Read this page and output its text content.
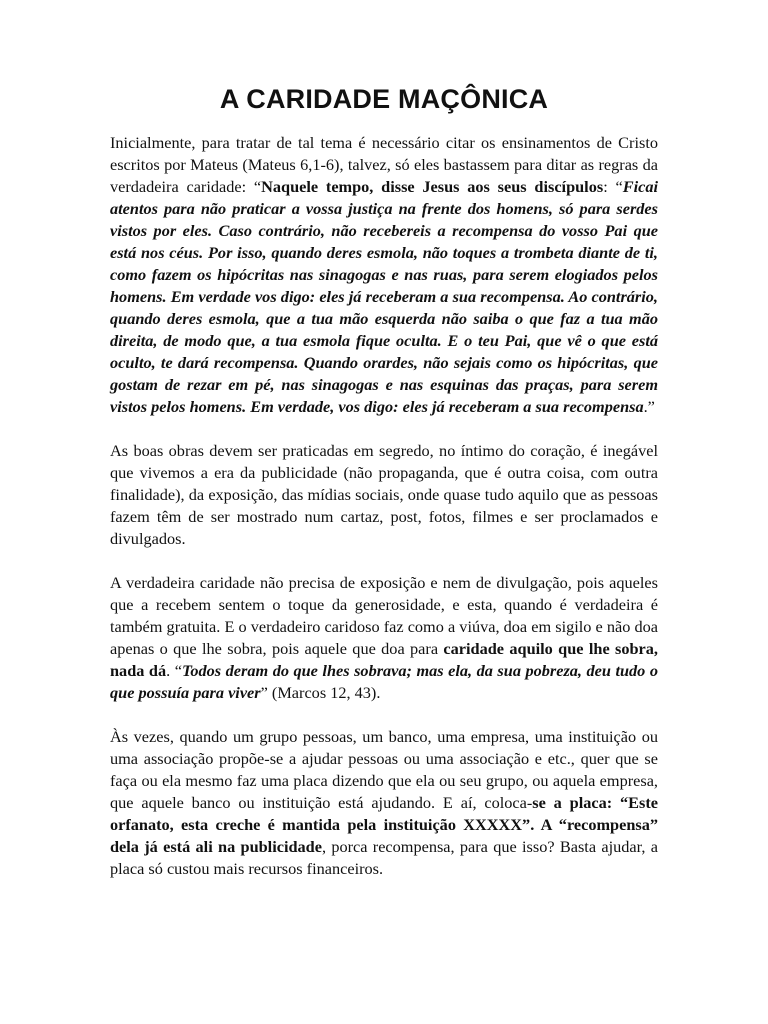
A CARIDADE MAÇÔNICA

Inicialmente, para tratar de tal tema é necessário citar os ensinamentos de Cristo escritos por Mateus (Mateus 6,1-6), talvez, só eles bastassem para ditar as regras da verdadeira caridade: “Naquele tempo, disse Jesus aos seus discípulos: “Ficai atentos para não praticar a vossa justiça na frente dos homens, só para serdes vistos por eles. Caso contrário, não recebereis a recompensa do vosso Pai que está nos céus. Por isso, quando deres esmola, não toques a trombeta diante de ti, como fazem os hipócritas nas sinagogas e nas ruas, para serem elogiados pelos homens. Em verdade vos digo: eles já receberam a sua recompensa. Ao contrário, quando deres esmola, que a tua mão esquerda não saiba o que faz a tua mão direita, de modo que, a tua esmola fique oculta. E o teu Pai, que vê o que está oculto, te dará recompensa. Quando orardes, não sejais como os hipócritas, que gostam de rezar em pé, nas sinagogas e nas esquinas das praças, para serem vistos pelos homens. Em verdade, vos digo: eles já receberam a sua recompensa.”

As boas obras devem ser praticadas em segredo, no íntimo do coração, é inegável que vivemos a era da publicidade (não propaganda, que é outra coisa, com outra finalidade), da exposição, das mídias sociais, onde quase tudo aquilo que as pessoas fazem têm de ser mostrado num cartaz, post, fotos, filmes e ser proclamados e divulgados.

A verdadeira caridade não precisa de exposição e nem de divulgação, pois aqueles que a recebem sentem o toque da generosidade, e esta, quando é verdadeira é também gratuita. E o verdadeiro caridoso faz como a viúva, doa em sigilo e não doa apenas o que lhe sobra, pois aquele que doa para caridade aquilo que lhe sobra, nada dá. “Todos deram do que lhes sobrava; mas ela, da sua pobreza, deu tudo o que possuía para viver” (Marcos 12, 43).

Às vezes, quando um grupo pessoas, um banco, uma empresa, uma instituição ou uma associação propõe-se a ajudar pessoas ou uma associação e etc., quer que se faça ou ela mesmo faz uma placa dizendo que ela ou seu grupo, ou aquela empresa, que aquele banco ou instituição está ajudando. E aí, coloca-se a placa: “Este orfanato, esta creche é mantida pela instituição XXXXX”. A “recompensa” dela já está ali na publicidade, porca recompensa, para que isso? Basta ajudar, a placa só custou mais recursos financeiros.
